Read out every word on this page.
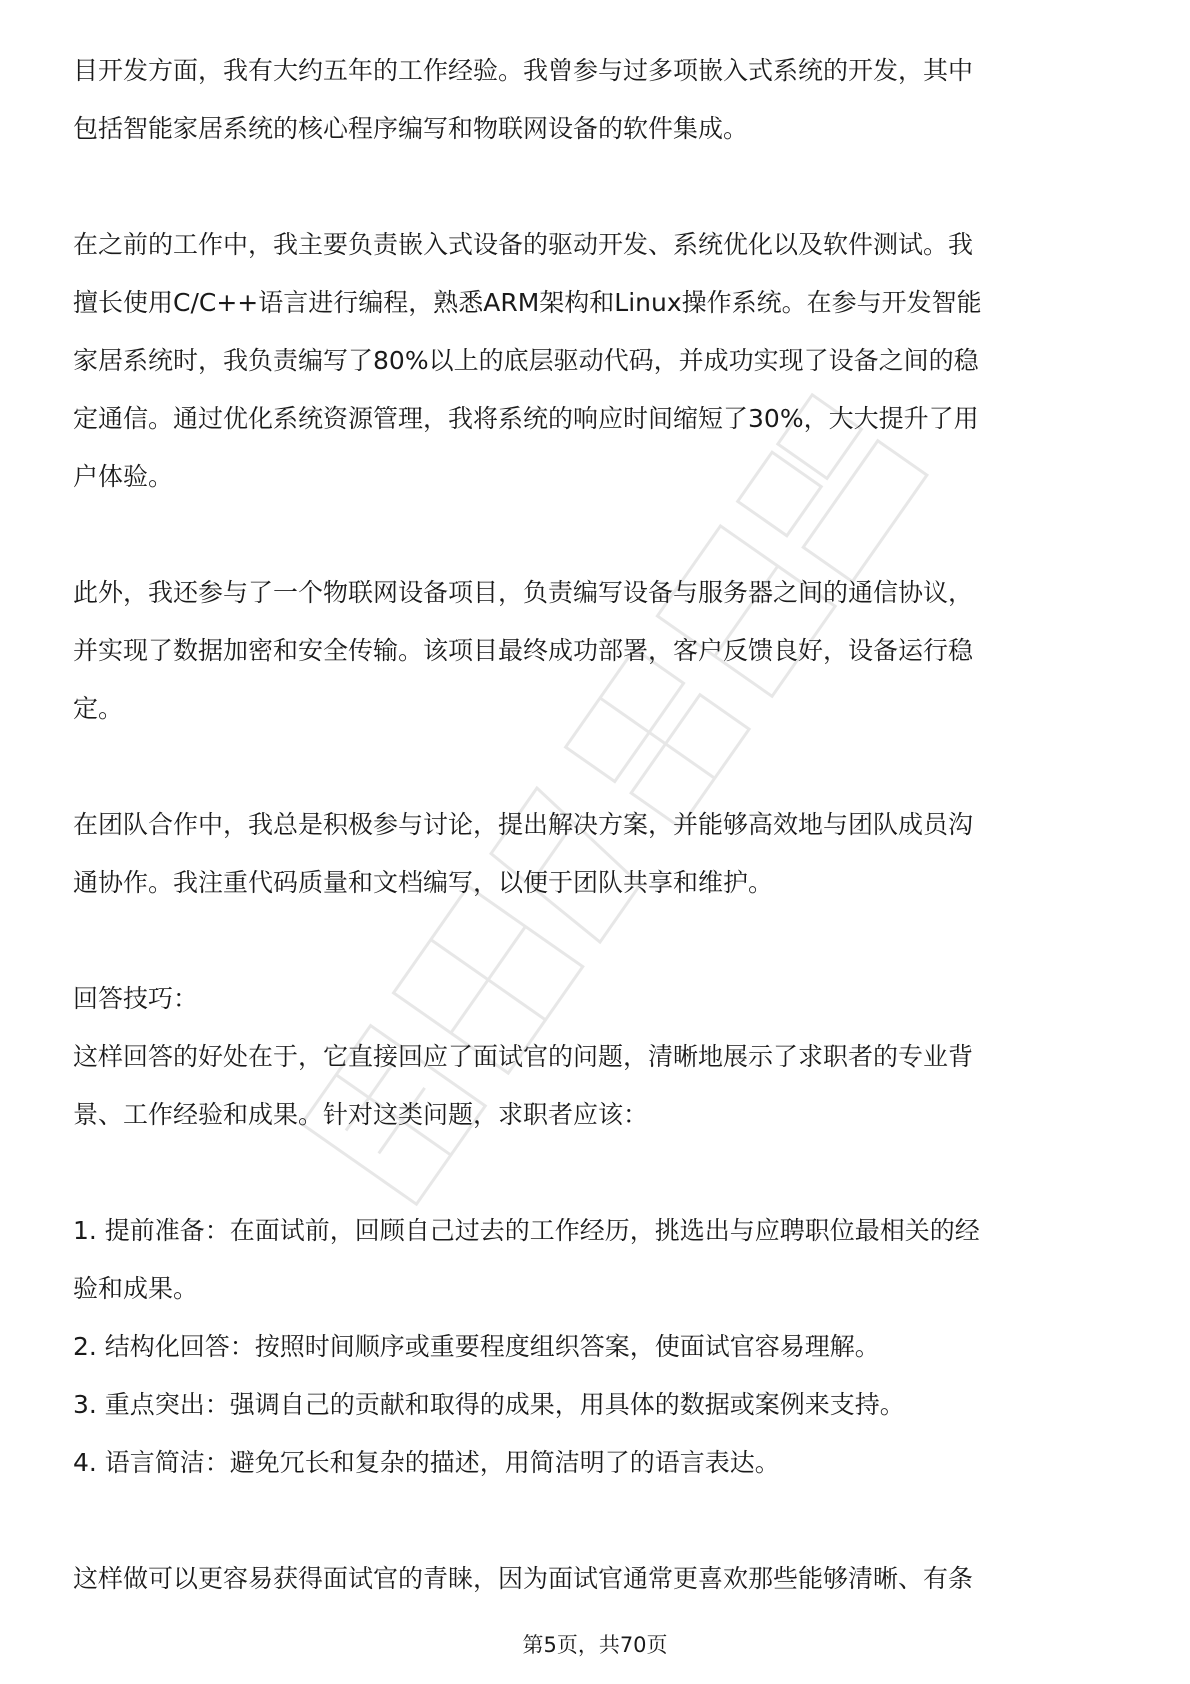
目开发方面，我有大约五年的工作经验。我曾参与过多项嵌入式系统的开发，其中
包括智能家居系统的核心程序编写和物联网设备的软件集成。
在之前的工作中，我主要负责嵌入式设备的驱动开发、系统优化以及软件测试。我
擅长使用C/C++语言进行编程，熟悉ARM架构和Linux操作系统。在参与开发智能
家居系统时，我负责编写了80%以上的底层驱动代码，并成功实现了设备之间的稳
定通信。通过优化系统资源管理，我将系统的响应时间缩短了30%，大大提升了用
户体验。
此外，我还参与了一个物联网设备项目，负责编写设备与服务器之间的通信协议，
并实现了数据加密和安全传输。该项目最终成功部署，客户反馈良好，设备运行稳
定。
在团队合作中，我总是积极参与讨论，提出解决方案，并能够高效地与团队成员沟
通协作。我注重代码质量和文档编写，以便于团队共享和维护。
回答技巧：
这样回答的好处在于，它直接回应了面试官的问题，清晰地展示了求职者的专业背
景、工作经验和成果。针对这类问题，求职者应该：
1. 提前准备：在面试前，回顾自己过去的工作经历，挑选出与应聘职位最相关的经
验和成果。
2. 结构化回答：按照时间顺序或重要程度组织答案，使面试官容易理解。
3. 重点突出：强调自己的贡献和取得的成果，用具体的数据或案例来支持。
4. 语言简洁：避免冗长和复杂的描述，用简洁明了的语言表达。
这样做可以更容易获得面试官的青睐，因为面试官通常更喜欢那些能够清晰、有条
第5页，共70页
